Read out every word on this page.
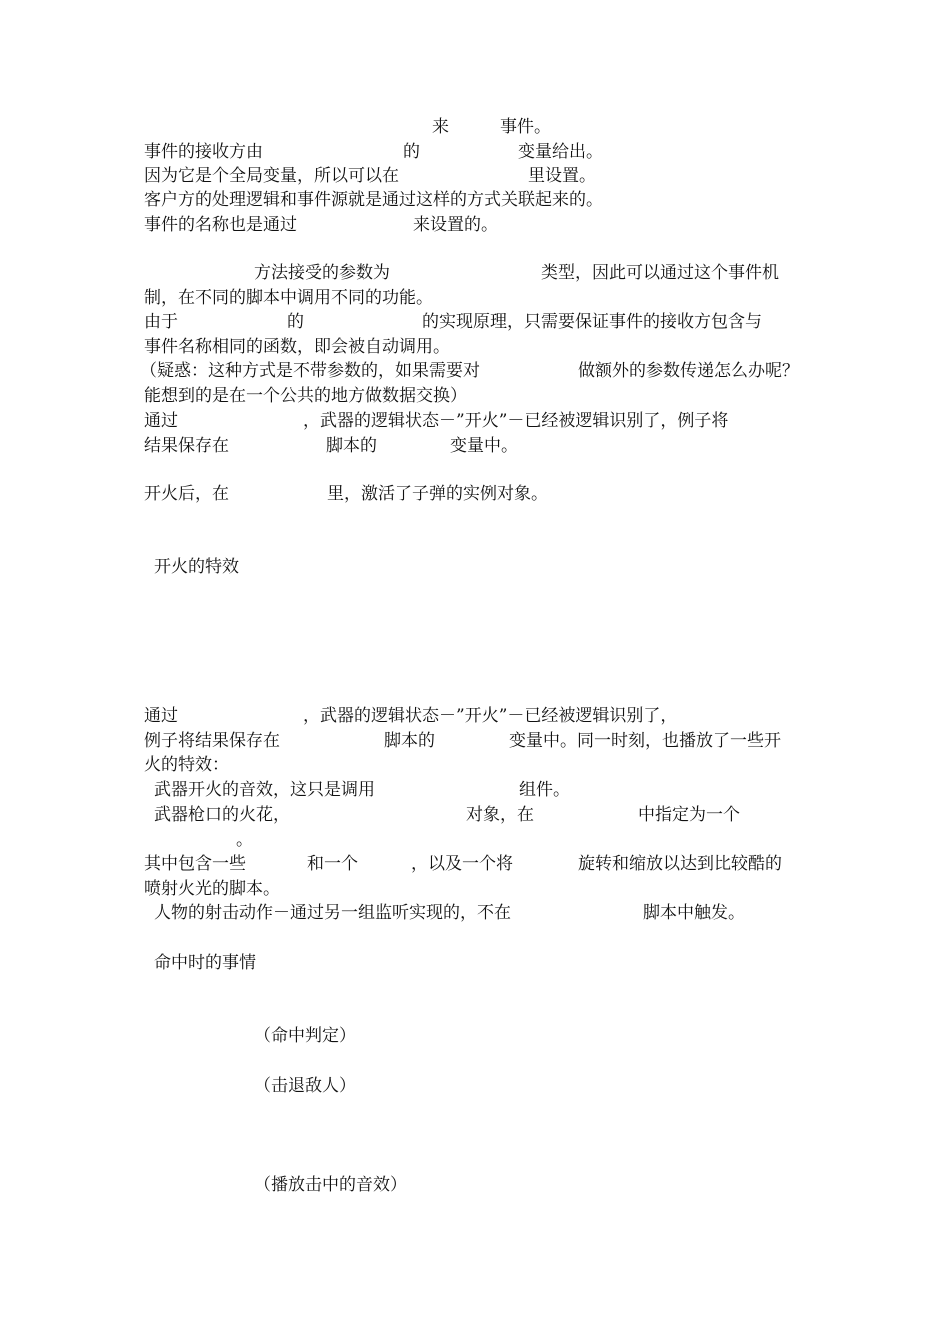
来	事件。
事件的接收方由	的	变量给出。
因为它是个全局变量，所以可以在	里设置。
客户方的处理逻辑和事件源就是通过这样的方式关联起来的。
事件的名称也是通过	来设置的。
方法接受的参数为	类型，因此可以通过这个事件机
制，在不同的脚本中调用不同的功能。
由于	的	的实现原理，只需要保证事件的接收方包含与
事件名称相同的函数，即会被自动调用。
（疑惑：这种方式是不带参数的，如果需要对	做额外的参数传递怎么办呢？
能想到的是在一个公共的地方做数据交换）
通过	，武器的逻辑状态－”开火”－已经被逻辑识别了，例子将
结果保存在	脚本的	变量中。
开火后，在	里，激活了子弹的实例对象。
开火的特效
通过	，武器的逻辑状态－”开火”－已经被逻辑识别了，
例子将结果保存在	脚本的	变量中。同一时刻，也播放了一些开
火的特效：
武器开火的音效，这只是调用	组件。
武器枪口的火花，	对象，在	中指定为一个
。
其中包含一些	和一个	，以及一个将	旋转和缩放以达到比较酷的
喷射火光的脚本。
人物的射击动作－通过另一组监听实现的，不在	脚本中触发。
命中时的事情
（命中判定）
（击退敌人）
（播放击中的音效）
